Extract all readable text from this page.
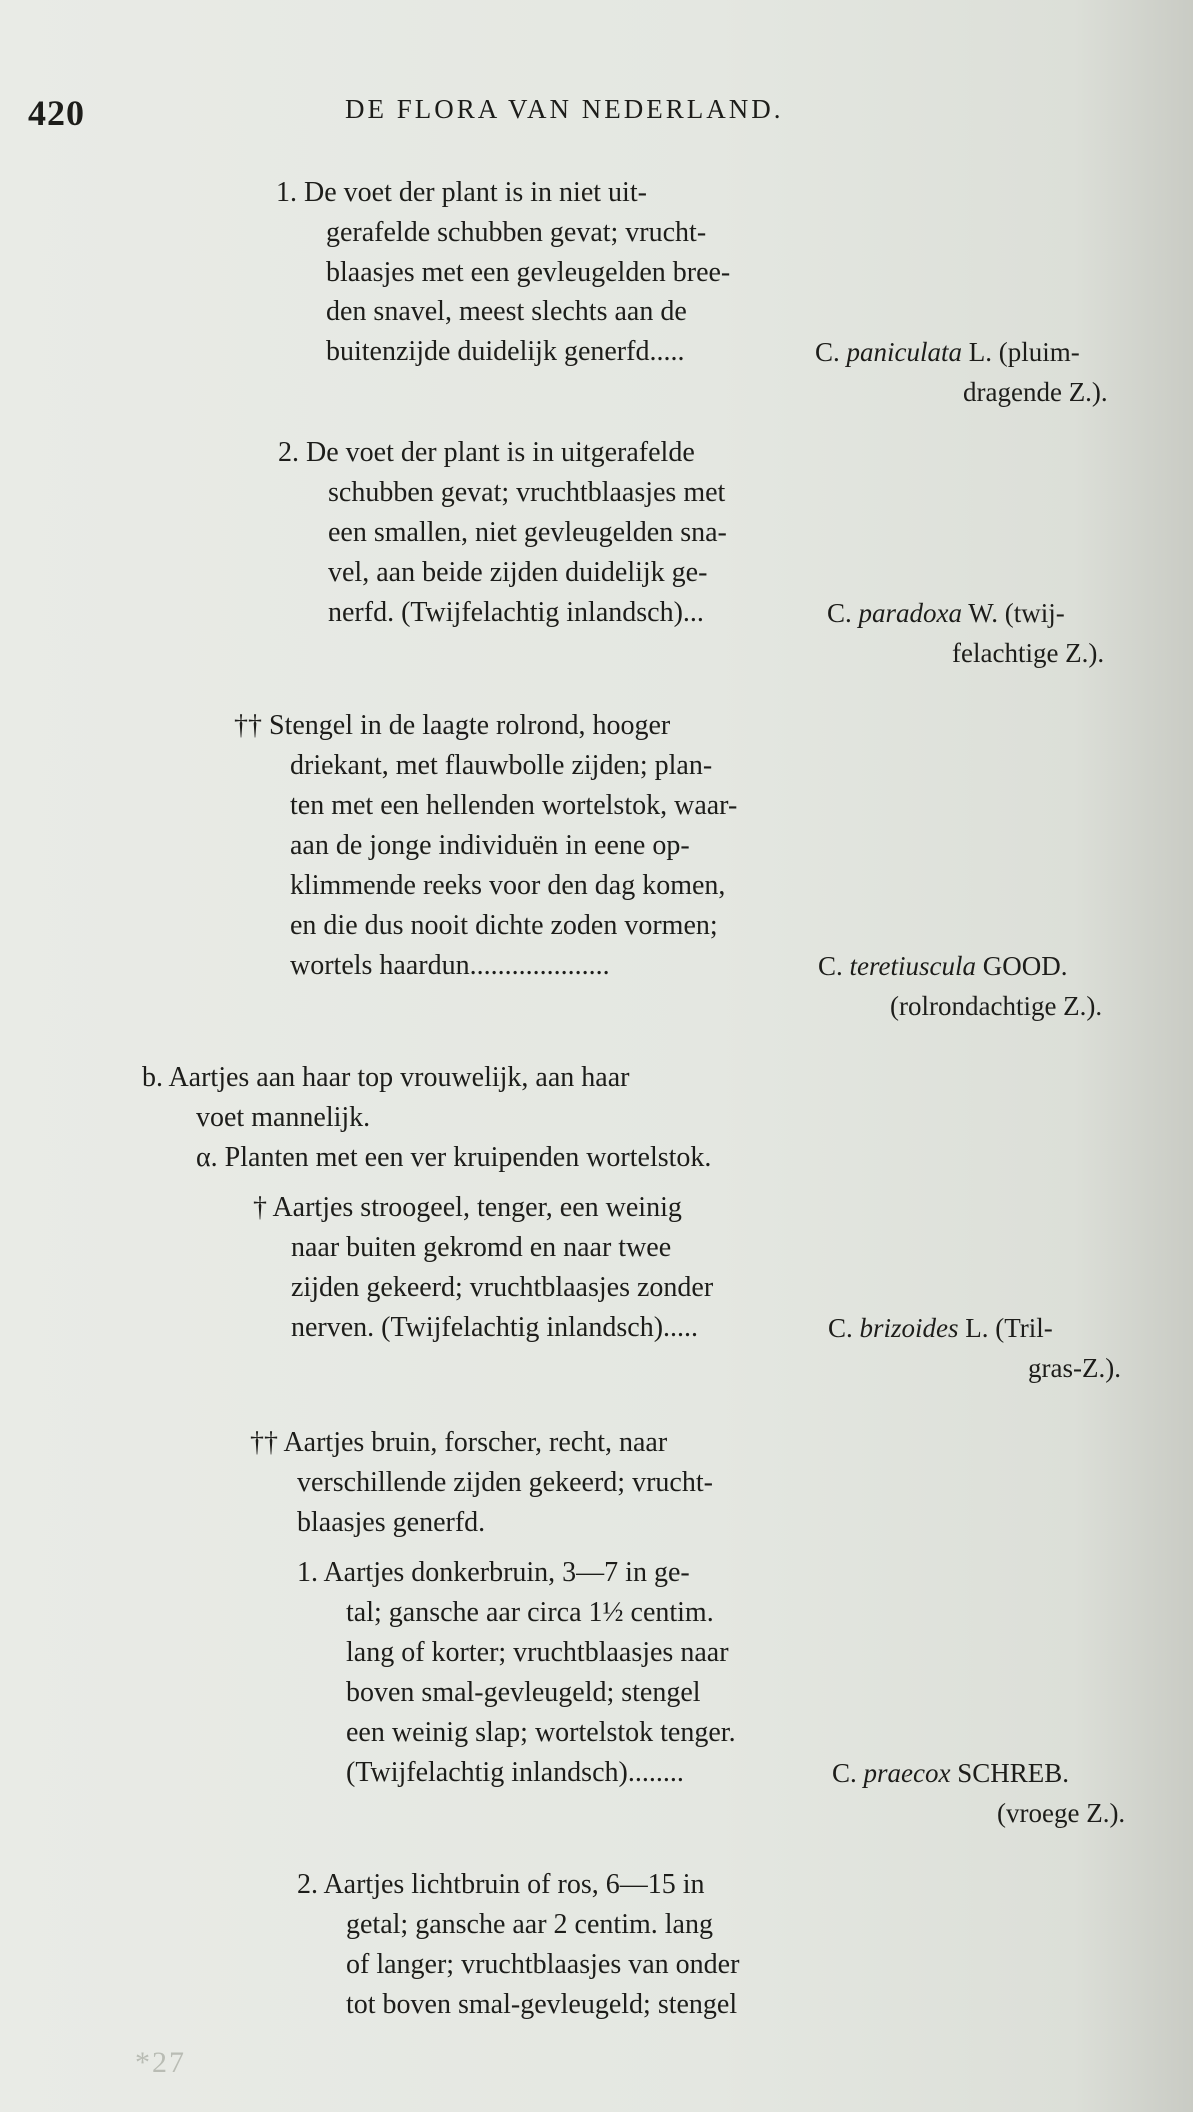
420	DE FLORA VAN NEDERLAND.
1. De voet der plant is in niet uit-
gerafelde schubben gevat; vrucht-
blaasjes met een gevleugelden bree-
den snavel, meest slechts aan de
buitenzijde duidelijk generfd.....	C. paniculata L. (pluim-
dragende Z.).
2. De voet der plant is in uitgerafelde
schubben gevat; vruchtblaasjes met
een smallen, niet gevleugelden sna-
vel, aan beide zijden duidelijk ge-
nerfd. (Twijfelachtig inlandsch)...	C. paradoxa W. (twij-
felachtige Z.).
†† Stengel in de laagte rolrond, hooger
driekant, met flauwbolle zijden; plan-
ten met een hellenden wortelstok, waar-
aan de jonge individuën in eene op-
klimmende reeks voor den dag komen,
en die dus nooit dichte zoden vormen;
wortels haardun....................	C. teretiuscula GOOD.
(rolrondachtige Z.).
b. Aartjes aan haar top vrouwelijk, aan haar
voet mannelijk.
α. Planten met een ver kruipenden wortelstok.
† Aartjes stroogeel, tenger, een weinig
naar buiten gekromd en naar twee
zijden gekeerd; vruchtblaasjes zonder
nerven. (Twijfelachtig inlandsch).....	C. brizoides L. (Tril-
gras-Z.).
†† Aartjes bruin, forscher, recht, naar
verschillende zijden gekeerd; vrucht-
blaasjes generfd.
1. Aartjes donkerbruin, 3—7 in ge-
tal; gansche aar circa 1½ centim.
lang of korter; vruchtblaasjes naar
boven smal-gevleugeld; stengel
een weinig slap; wortelstok tenger.
(Twijfelachtig inlandsch)........	C. praecox SCHREB.
(vroege Z.).
2. Aartjes lichtbruin of ros, 6—15 in
getal; gansche aar 2 centim. lang
of langer; vruchtblaasjes van onder
tot boven smal-gevleugeld; stengel
*27
